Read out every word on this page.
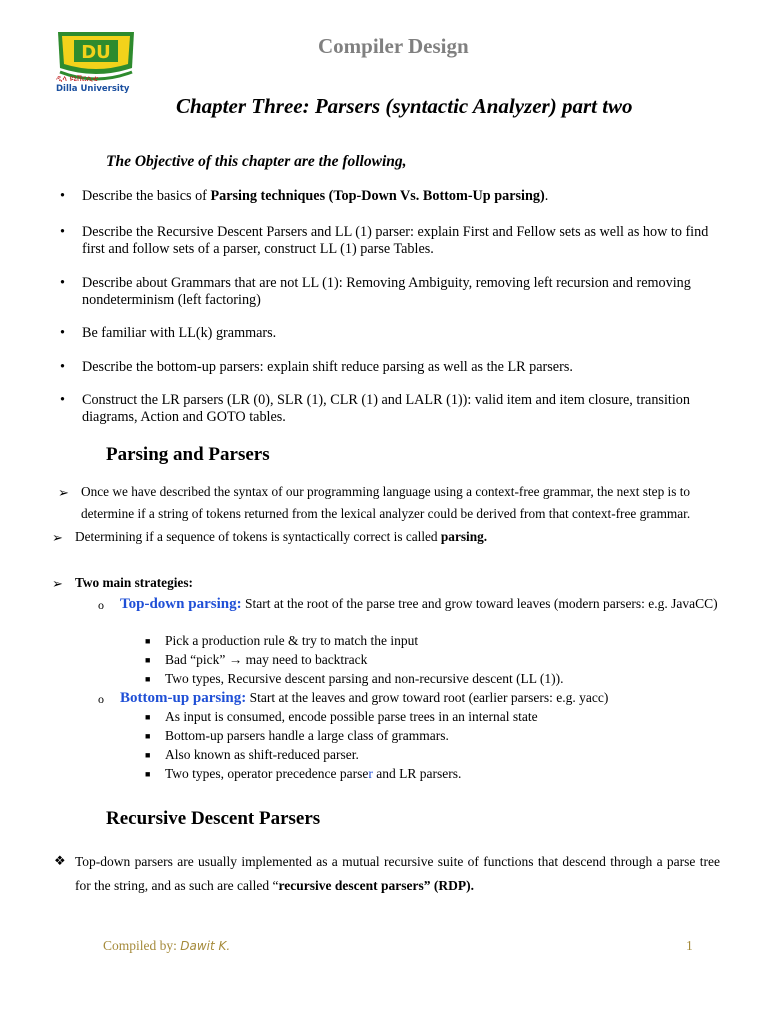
DU
ዲላ ዩኒቨርሲቲ
Dilla University
Compiler Design
Chapter Three: Parsers (syntactic Analyzer) part two
The Objective of this chapter are the following,
• Describe the basics of Parsing techniques (Top-Down Vs. Bottom-Up parsing).
• Describe the Recursive Descent Parsers and LL (1) parser: explain First and Fellow sets as well as how to find first and follow sets of a parser, construct LL (1) parse Tables.
• Describe about Grammars that are not LL (1): Removing Ambiguity, removing left recursion and removing nondeterminism (left factoring)
• Be familiar with LL(k) grammars.
• Describe the bottom-up parsers: explain shift reduce parsing as well as the LR parsers.
• Construct the LR parsers (LR (0), SLR (1), CLR (1) and LALR (1)): valid item and item closure, transition diagrams, Action and GOTO tables.
Parsing and Parsers
➢ Once we have described the syntax of our programming language using a context-free grammar, the next step is to determine if a string of tokens returned from the lexical analyzer could be derived from that context-free grammar.
➢ Determining if a sequence of tokens is syntactically correct is called parsing.
➢ Two main strategies:
o Top-down parsing: Start at the root of the parse tree and grow toward leaves (modern parsers: e.g. JavaCC)
■ Pick a production rule & try to match the input
■ Bad “pick” → may need to backtrack
■ Two types, Recursive descent parsing and non-recursive descent (LL (1)).
o Bottom-up parsing: Start at the leaves and grow toward root (earlier parsers: e.g. yacc)
■ As input is consumed, encode possible parse trees in an internal state
■ Bottom-up parsers handle a large class of grammars.
■ Also known as shift-reduced parser.
■ Two types, operator precedence parser and LR parsers.
Recursive Descent Parsers
❖ Top-down parsers are usually implemented as a mutual recursive suite of functions that descend through a parse tree for the string, and as such are called “recursive descent parsers” (RDP).
Compiled by: Dawit K.	1
